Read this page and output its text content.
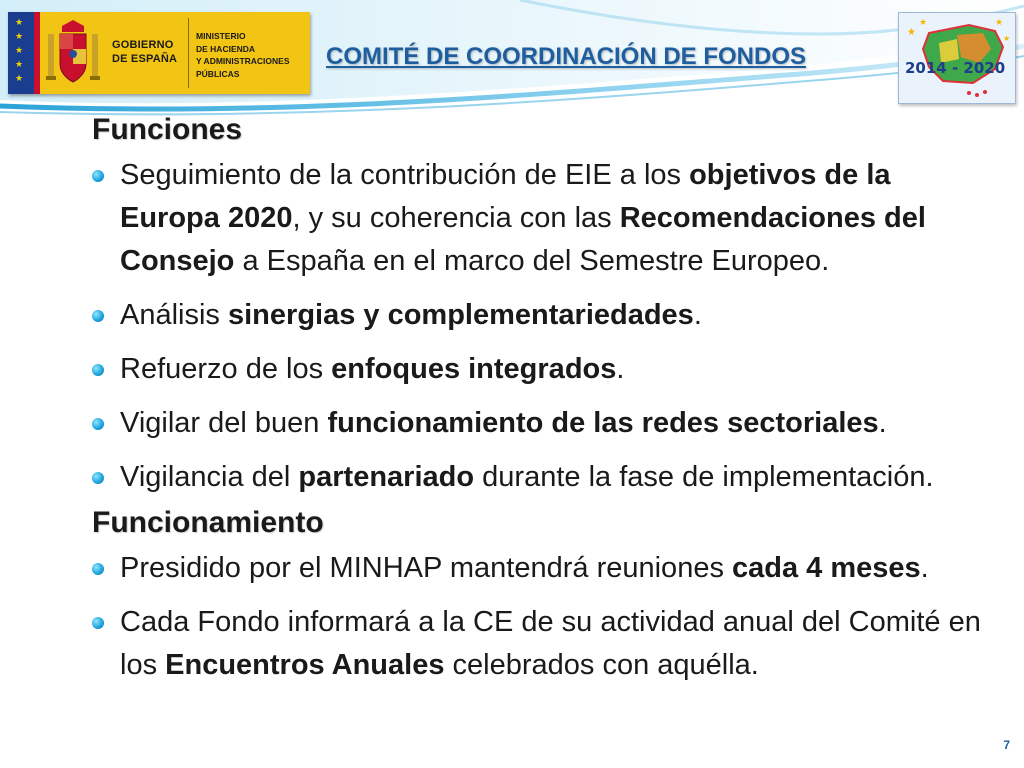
★
★
★
★
★
GOBIERNO
DE ESPAÑA
MINISTERIO
DE HACIENDA
Y ADMINISTRACIONES
PÚBLICAS
COMITÉ DE COORDINACIÓN DE FONDOS
★
★	★
★
2014 - 2020
Funciones
Seguimiento de la contribución de EIE a los objetivos de la Europa 2020, y su coherencia con las Recomendaciones del Consejo a España en el marco del Semestre Europeo.
Análisis sinergias y complementariedades.
Refuerzo de los enfoques integrados.
Vigilar del buen funcionamiento de las redes sectoriales.
Vigilancia del partenariado durante la fase de implementación.
Funcionamiento
Presidido por el MINHAP mantendrá reuniones cada 4 meses.
Cada Fondo informará a la CE de su actividad anual del Comité en los Encuentros Anuales celebrados con aquélla.
7
